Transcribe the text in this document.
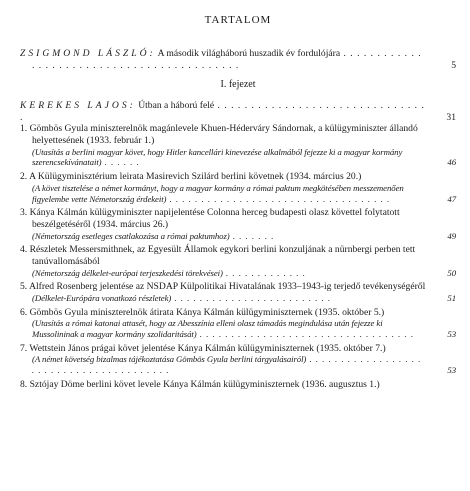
TARTALOM
ZSIGMOND LÁSZLÓ: A második világháború huszadik év fordulójára . . . . . . . . . . . . . . . . . . . . . . . . . . . . . . . . . . . . . . . . . . .	5
I. fejezet
KEREKES LAJOS: Útban a háború felé . . . . . . . . . . . . . . . . . . . . . . . . . . . . . . . .	31
1. Gömbös Gyula miniszterelnök magánlevele Khuen-Héderváry Sándornak, a külügyminiszter állandó helyettesének (1933. február 1.)
(Utasítás a berlini magyar követ, hogy Hitler kancellári kinevezése alkalmából fejezze ki a magyar kormány szerencsekívánatait) . . . . . .	46
2. A Külügyminisztérium leirata Masirevich Szilárd berlini követnek (1934. március 20.)
(A követ tisztelése a német kormányt, hogy a magyar kormány a római paktum megkötésében messzemenően figyelembe vette Németország érdekeit) . . . . . . . . . . . . . . . . . . . . . . . . . . . . . . . . . . .	47
3. Kánya Kálmán külügyminiszter napijelentése Colonna herceg budapesti olasz követtel folytatott beszélgetéséről (1934. március 26.)
(Németország esetleges csatlakozása a római paktumhoz) . . . . . . .	49
4. Részletek Messersmithnek, az Egyesült Államok egykori berlini konzuljának a nürnbergi perben tett tanúvallomásából
(Németország délkelet-európai terjeszkedési törekvései) . . . . . . . . . . . . .	50
5. Alfred Rosenberg jelentése az NSDAP Külpolitikai Hivatalának 1933–1943-ig terjedő tevékenységéről
(Délkelet-Európára vonatkozó részletek) . . . . . . . . . . . . . . . . . . . . . . . . .	51
6. Gömbös Gyula miniszterelnök átirata Kánya Kálmán külügyminiszternek (1935. október 5.)
(Utasítás a római katonai attasét, hogy az Abesszínia elleni olasz támadás megindulása után fejezze ki Mussolininak a magyar kormány szolidaritását) . . . . . . . . . . . . . . . . . . . . . . . . . . . . . . . . . .	53
7. Wettstein János prágai követ jelentése Kánya Kálmán külügyminiszternek (1935. október 7.)
(A német követség bizalmas tájékoztatása Gömbös Gyula berlini tárgyalásairól) . . . . . . . . . . . . . . . . . . . . . . . . . . . . . . . . . . . . . . . .	53
8. Sztójay Döme berlini követ levele Kánya Kálmán külügyminiszternek (1936. augusztus 1.)
